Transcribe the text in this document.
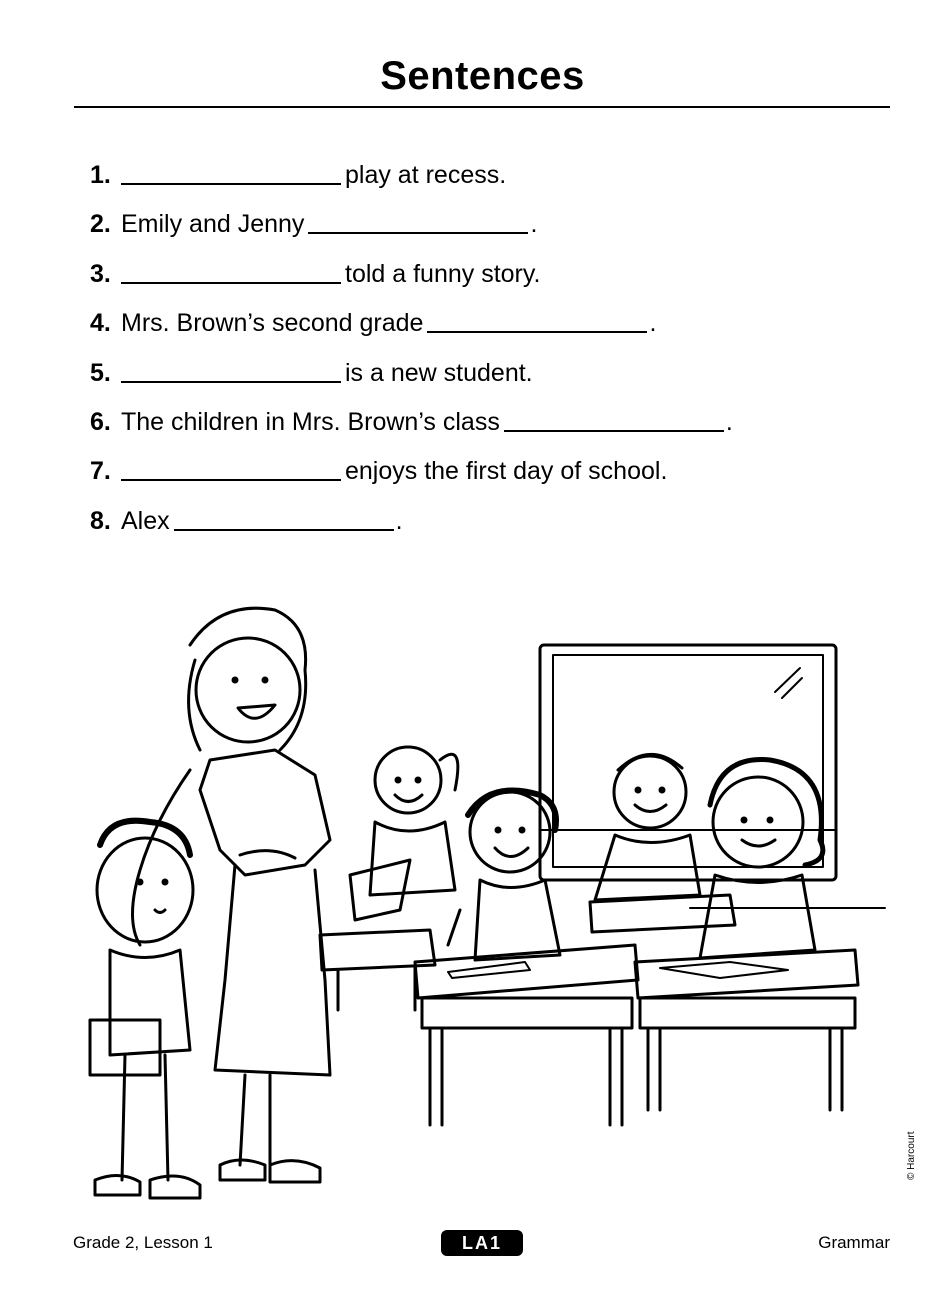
Sentences
1.	play at recess.
2. Emily and Jenny	.
3.	told a funny story.
4. Mrs. Brown’s second grade	.
5.	is a new student.
6. The children in Mrs. Brown’s class	.
7.	enjoys the first day of school.
8. Alex	.
© Harcourt
Grade 2, Lesson 1	LA1	Grammar
